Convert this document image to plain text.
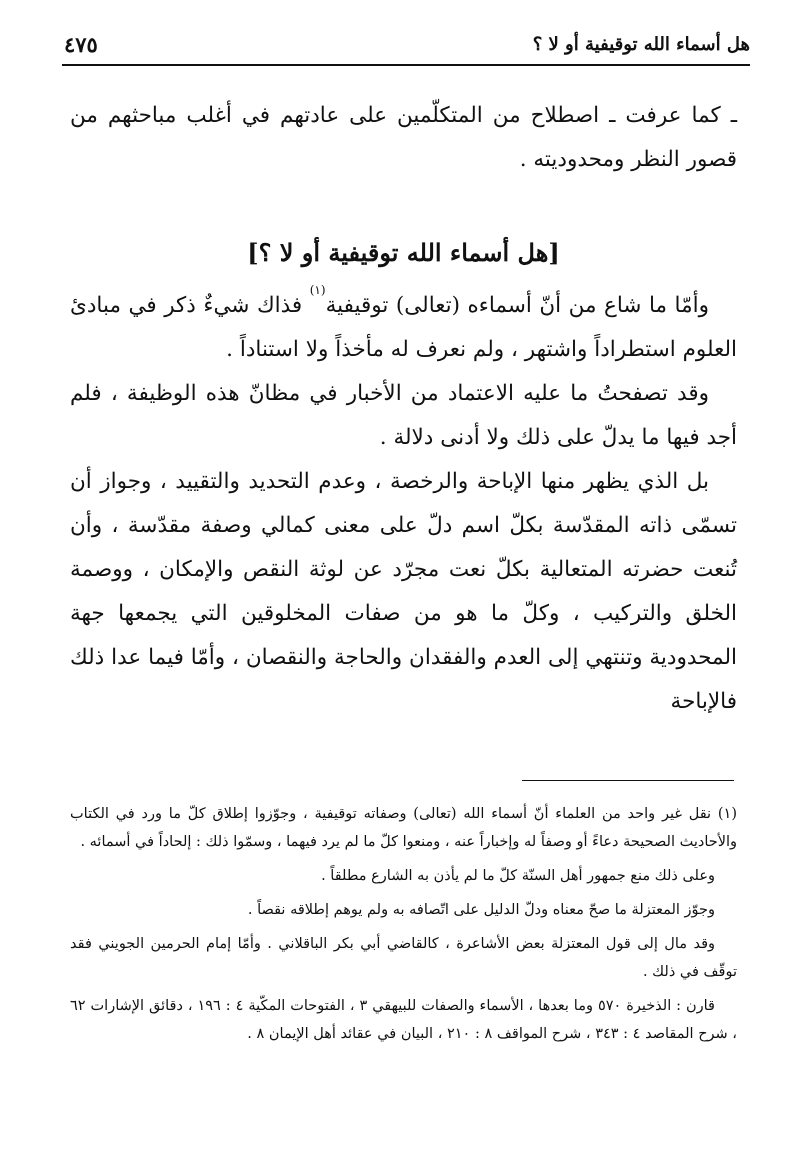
هل أسماء الله توقيفية أو لا ؟
٤٧٥

ـ كما عرفت ـ اصطلاح من المتكلّمين على عادتهم في أغلب مباحثهم من قصور النظر ومحدوديته .

[هل أسماء الله توقيفية أو لا ؟]

وأمّا ما شاع من أنّ أسماءه (تعالى) توقيفية$^{(١)}$ فذاك شيءٌ ذكر في مبادئ العلوم استطراداً واشتهر ، ولم نعرف له مأخذاً ولا استناداً .

وقد تصفحتُ ما عليه الاعتماد من الأخبار في مظانّ هذه الوظيفة ، فلم أجد فيها ما يدلّ على ذلك ولا أدنى دلالة .

بل الذي يظهر منها الإباحة والرخصة ، وعدم التحديد والتقييد ، وجواز أن تسمّى ذاته المقدّسة بكلّ اسم دلّ على معنى كمالي وصفة مقدّسة ، وأن تُنعت حضرته المتعالية بكلّ نعت مجرّد عن لوثة النقص والإمكان ، ووصمة الخلق والتركيب ، وكلّ ما هو من صفات المخلوقين التي يجمعها جهة المحدودية وتنتهي إلى العدم والفقدان والحاجة والنقصان ، وأمّا فيما عدا ذلك فالإباحة

(١) نقل غير واحد من العلماء أنّ أسماء الله (تعالى) وصفاته توقيفية ، وجوّزوا إطلاق كلّ ما ورد في الكتاب والأحاديث الصحيحة دعاءً أو وصفاً له وإخباراً عنه ، ومنعوا كلّ ما لم يرد فيهما ، وسمّوا ذلك : إلحاداً في أسمائه .

وعلى ذلك منع جمهور أهل السنّة كلّ ما لم يأذن به الشارع مطلقاً .

وجوّز المعتزلة ما صحّ معناه ودلّ الدليل على اتّصافه به ولم يوهم إطلاقه نقصاً .

وقد مال إلى قول المعتزلة بعض الأشاعرة ، كالقاضي أبي بكر الباقلاني . وأمّا إمام الحرمين الجويني فقد توقّف في ذلك .

قارن : الذخيرة ٥٧٠ وما بعدها ، الأسماء والصفات للبيهقي ٣ ، الفتوحات المكّية ٤ : ١٩٦ ، دقائق الإشارات ٦٢ ، شرح المقاصد ٤ : ٣٤٣ ، شرح المواقف ٨ : ٢١٠ ، البيان في عقائد أهل الإيمان ٨ .
